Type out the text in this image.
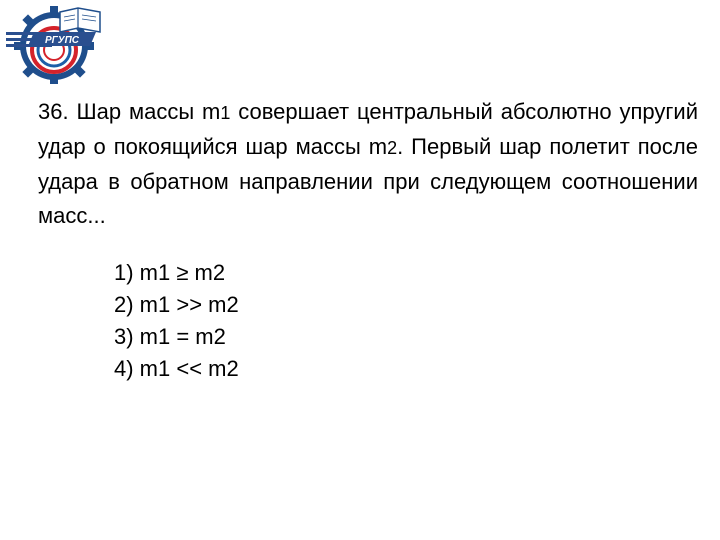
РГУПС

36. Шар массы m1 совершает центральный абсолютно упругий удар о покоящийся шар массы m2. Первый шар полетит после удара в обратном направлении при следующем соотношении масс...

1) m1 ≥ m2
2) m1 >> m2
3) m1 = m2
4) m1 << m2
